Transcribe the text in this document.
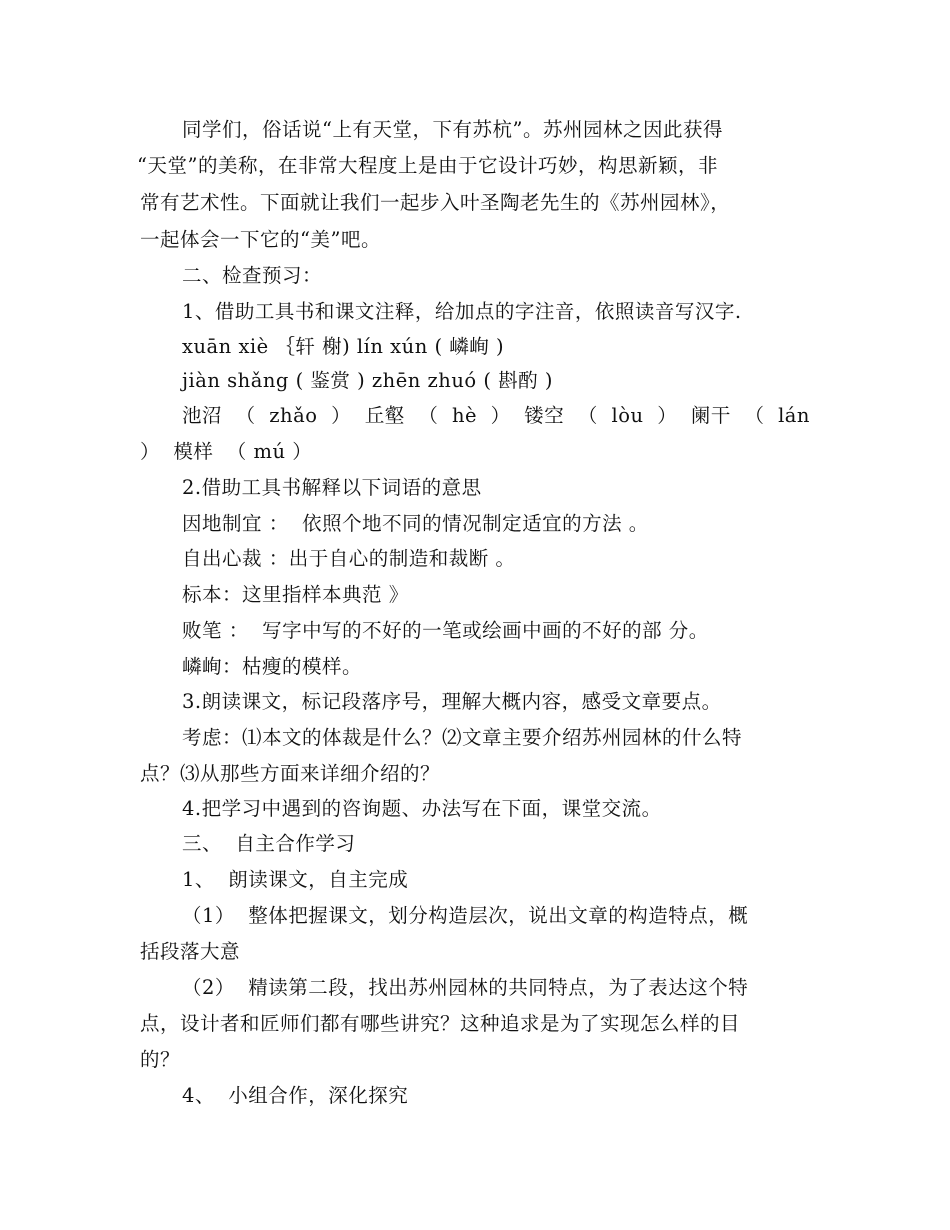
同学们，俗话说“上有天堂，下有苏杭”。苏州园林之因此获得
“天堂”的美称，在非常大程度上是由于它设计巧妙，构思新颖，非
常有艺术性。下面就让我们一起步入叶圣陶老先生的《苏州园林》，
一起体会一下它的“美”吧。
二、检查预习：
1、借助工具书和课文注释，给加点的字注音，依照读音写汉字.
xuān xiè ｛轩 榭) lín xún ( 嶙峋 )
jiàn shǎng ( 鉴赏 ) zhēn zhuó ( 斟酌 )
池沼 （ zhǎo ） 丘壑 （ hè ） 镂空 （ lòu ） 阑干 （ lán
）  模样  （ mú ）
2.借助工具书解释以下词语的意思
因地制宜 ：  依照个地不同的情况制定适宜的方法 。
自出心裁 ：出于自心的制造和裁断 。
标本：这里指样本典范 》
败笔 ：  写字中写的不好的一笔或绘画中画的不好的部 分。
嶙峋：枯瘦的模样。
3.朗读课文，标记段落序号，理解大概内容，感受文章要点。
考虑：⑴本文的体裁是什么？⑵文章主要介绍苏州园林的什么特
点？⑶从那些方面来详细介绍的？
4.把学习中遇到的咨询题、办法写在下面，课堂交流。
三、  自主合作学习
1、  朗读课文，自主完成
（1）  整体把握课文，划分构造层次，说出文章的构造特点，概
括段落大意
（2）  精读第二段，找出苏州园林的共同特点，为了表达这个特
点，设计者和匠师们都有哪些讲究？这种追求是为了实现怎么样的目
的？
4、  小组合作，深化探究
